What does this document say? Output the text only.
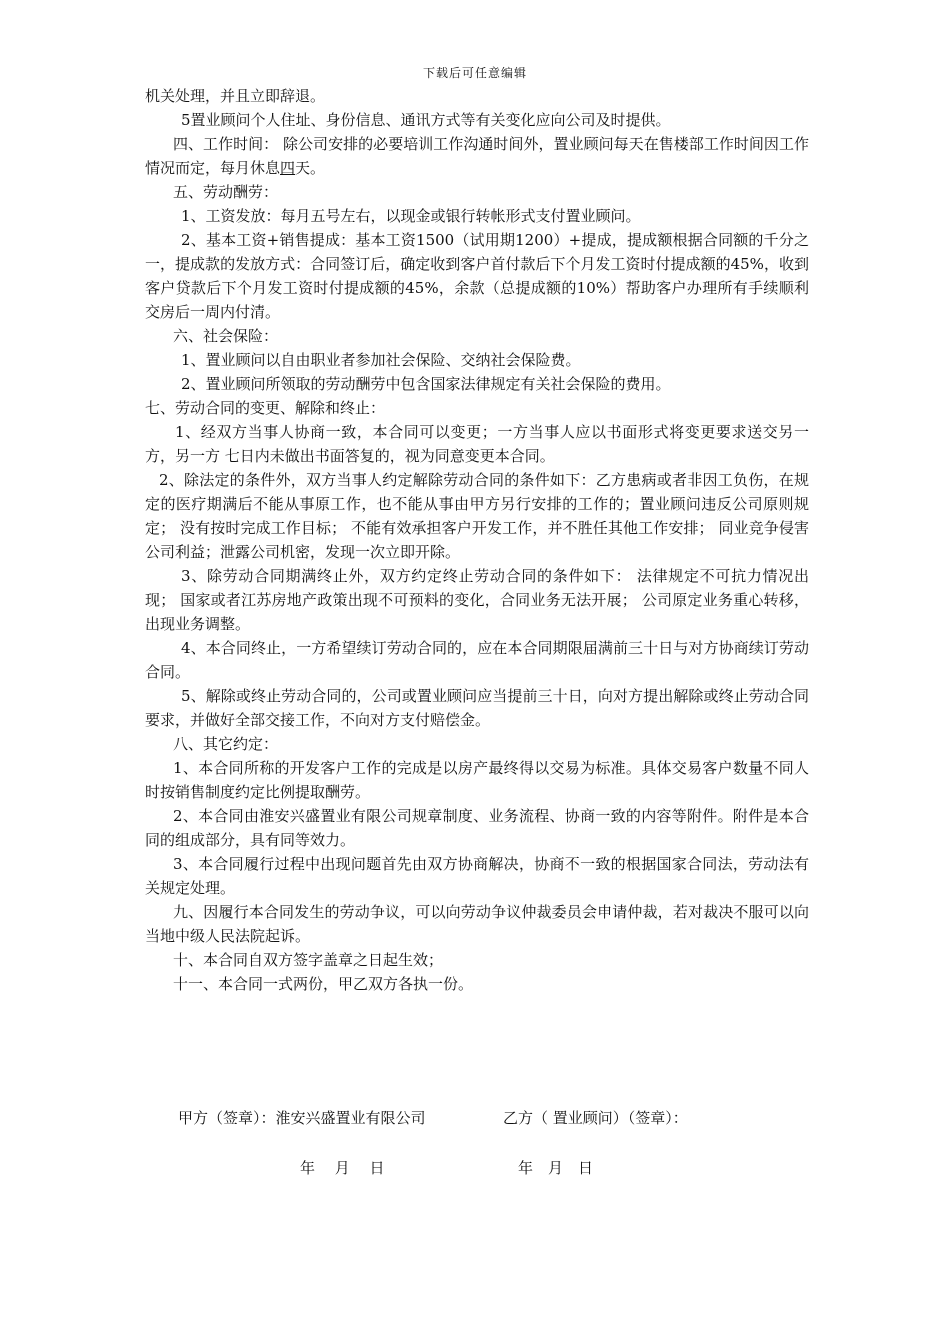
下载后可任意编辑

机关处理，并且立即辞退。

5置业顾问个人住址、身份信息、通讯方式等有关变化应向公司及时提供。

四、工作时间： 除公司安排的必要培训工作沟通时间外，置业顾问每天在售楼部工作时间因工作情况而定，每月休息四天。

五、劳动酬劳：

1、工资发放：每月五号左右，以现金或银行转帐形式支付置业顾问。

2、基本工资+销售提成：基本工资1500（试用期1200）+提成，提成额根据合同额的千分之一，提成款的发放方式：合同签订后，确定收到客户首付款后下个月发工资时付提成额的45%，收到客户贷款后下个月发工资时付提成额的45%，余款（总提成额的10%）帮助客户办理所有手续顺利交房后一周内付清。

六、社会保险：

1、置业顾问以自由职业者参加社会保险、交纳社会保险费。

2、置业顾问所领取的劳动酬劳中包含国家法律规定有关社会保险的费用。

七、劳动合同的变更、解除和终止：

1、经双方当事人协商一致，本合同可以变更；一方当事人应以书面形式将变更要求送交另一方，另一方 七日内未做出书面答复的，视为同意变更本合同。

2、除法定的条件外，双方当事人约定解除劳动合同的条件如下：乙方患病或者非因工负伤，在规定的医疗期满后不能从事原工作，也不能从事由甲方另行安排的工作的；置业顾问违反公司原则规定； 没有按时完成工作目标； 不能有效承担客户开发工作，并不胜任其他工作安排； 同业竞争侵害公司利益；泄露公司机密，发现一次立即开除。

3、除劳动合同期满终止外，双方约定终止劳动合同的条件如下： 法律规定不可抗力情况出现； 国家或者江苏房地产政策出现不可预料的变化，合同业务无法开展； 公司原定业务重心转移，出现业务调整。

4、本合同终止，一方希望续订劳动合同的，应在本合同期限届满前三十日与对方协商续订劳动合同。

5、解除或终止劳动合同的，公司或置业顾问应当提前三十日，向对方提出解除或终止劳动合同要求，并做好全部交接工作，不向对方支付赔偿金。

八、其它约定：

1、本合同所称的开发客户工作的完成是以房产最终得以交易为标准。具体交易客户数量不同人时按销售制度约定比例提取酬劳。

2、本合同由淮安兴盛置业有限公司规章制度、业务流程、协商一致的内容等附件。附件是本合同的组成部分，具有同等效力。

3、本合同履行过程中出现问题首先由双方协商解决，协商不一致的根据国家合同法，劳动法有关规定处理。

九、因履行本合同发生的劳动争议，可以向劳动争议仲裁委员会申请仲裁，若对裁决不服可以向当地中级人民法院起诉。

十、本合同自双方签字盖章之日起生效；

十一、本合同一式两份，甲乙双方各执一份。

甲方（签章）：淮安兴盛置业有限公司	乙方（ 置业顾问）（签章）：
年　 月　 日	年　月　日
